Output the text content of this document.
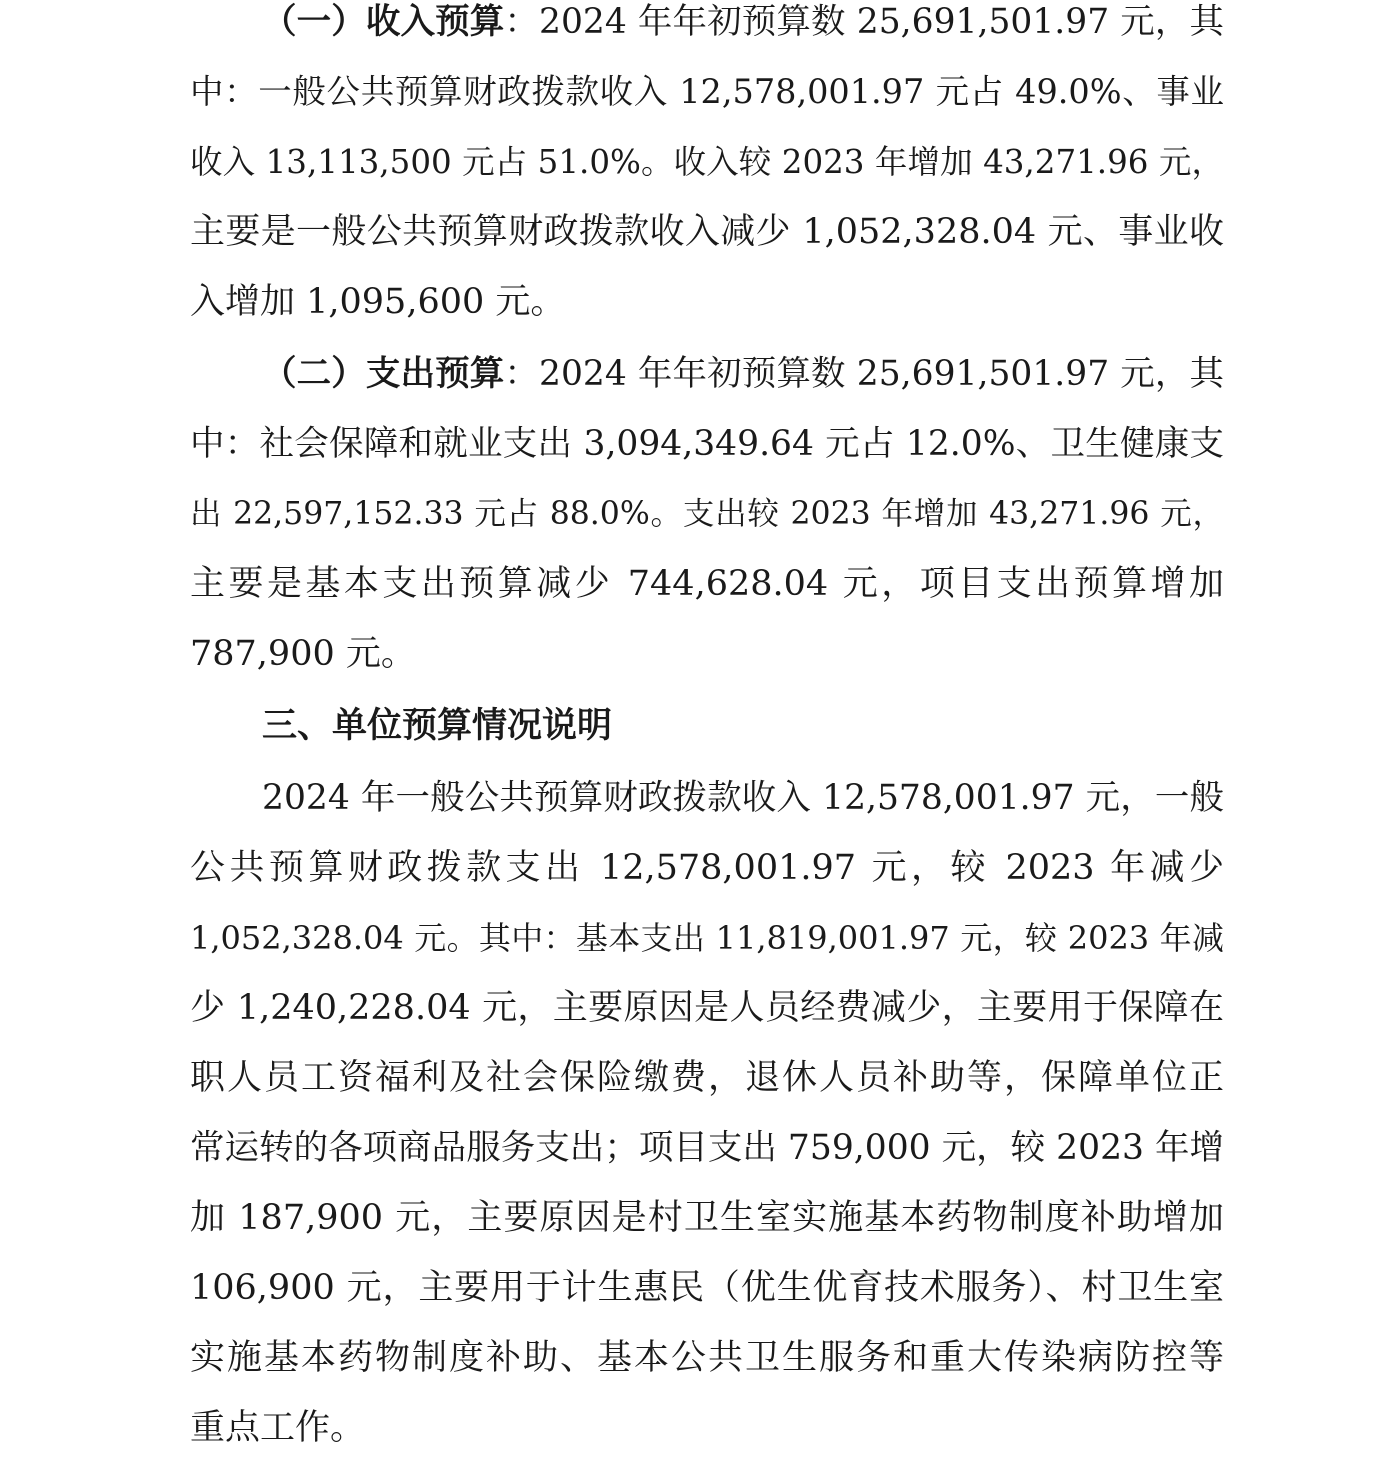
（一）收入预算：2024 年年初预算数 25,691,501.97 元，其
中：一般公共预算财政拨款收入 12,578,001.97 元占 49.0%、事业
收入 13,113,500 元占 51.0%。收入较 2023 年增加 43,271.96 元，
主要是一般公共预算财政拨款收入减少 1,052,328.04 元、事业收
入增加 1,095,600 元。
（二）支出预算：2024 年年初预算数 25,691,501.97 元，其
中：社会保障和就业支出 3,094,349.64 元占 12.0%、卫生健康支
出 22,597,152.33 元占 88.0%。支出较 2023 年增加 43,271.96 元，
主要是基本支出预算减少 744,628.04 元，项目支出预算增加
787,900 元。
三、单位预算情况说明
2024 年一般公共预算财政拨款收入 12,578,001.97 元，一般
公共预算财政拨款支出 12,578,001.97 元，较 2023 年减少
1,052,328.04 元。其中：基本支出 11,819,001.97 元，较 2023 年减
少 1,240,228.04 元，主要原因是人员经费减少，主要用于保障在
职人员工资福利及社会保险缴费，退休人员补助等，保障单位正
常运转的各项商品服务支出；项目支出 759,000 元，较 2023 年增
加 187,900 元，主要原因是村卫生室实施基本药物制度补助增加
106,900 元，主要用于计生惠民（优生优育技术服务）、村卫生室
实施基本药物制度补助、基本公共卫生服务和重大传染病防控等
重点工作。
